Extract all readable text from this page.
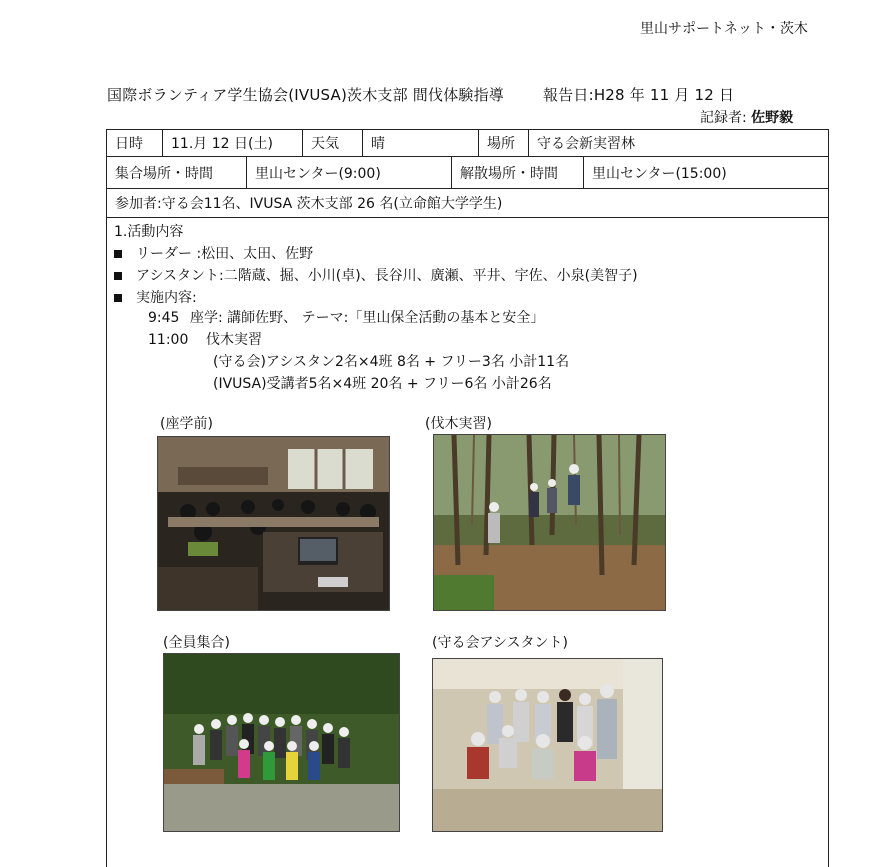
里山サポートネット・茨木
国際ボランティア学生協会(IVUSA)茨木支部 間伐体験指導	報告日:H28 年 11 月 12 日
記録者: 佐野毅
日時	11.月 12 日(土)	天気	晴	場所	守る会新実習林
集合場所・時間	里山センター(9:00)	解散場所・時間	里山センター(15:00)
参加者:守る会11名、IVUSA 茨木支部 26 名(立命館大学学生)
1.活動内容
リーダー :松田、太田、佐野
アシスタント:二階蔵、掘、小川(卓)、長谷川、廣瀬、平井、宇佐、小泉(美智子)
実施内容:
9:45 座学: 講師佐野、 テーマ:「里山保全活動の基本と安全」
11:00 伐木実習
(守る会)アシスタン2名×4班 8名 + フリー3名 小計11名
(IVUSA)受講者5名×4班 20名 + フリー6名 小計26名
(座学前)	(伐木実習)
(全員集合)	(守る会アシスタント)
